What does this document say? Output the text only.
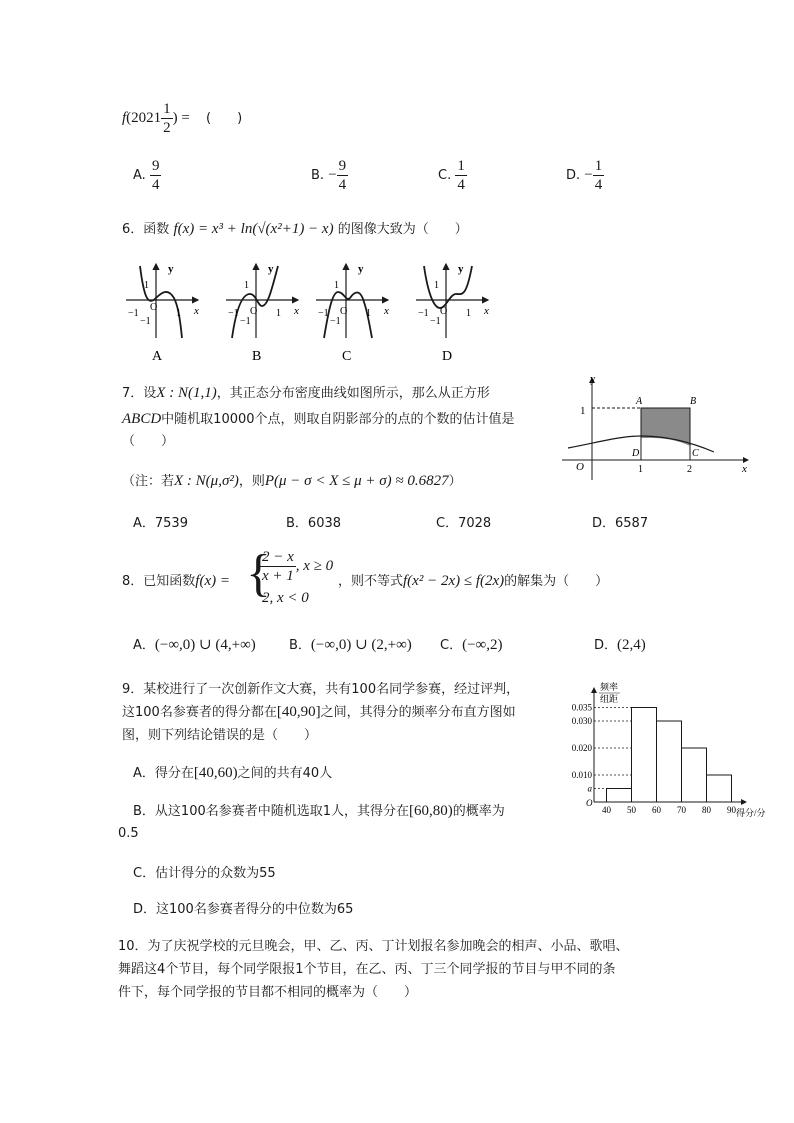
$f(2021 \frac{1}{2}$ ) = (　　)
A. $\frac{9}{4}$	B. − $\frac{9}{4}$	C. $\frac{1}{4}$	D. − $\frac{1}{4}$
6．函数 f(x) = x³ + ln(√(x²+1) − x) 的图像大致为（　　）
y
x
O
−1	1
1
−1
A
y
x
O
−1	1
1
−1
B
y
x
O
−1	1
1
−1
C
y
x
O
−1	1
1
−1
D
7．设X : N(1,1)，其正态分布密度曲线如图所示，那么从正方形
ABCD中随机取10000个点，则取自阴影部分的点的个数的估计值是
（　　）
（注：若X : N(μ,σ²)，则P(μ − σ < X ≤ μ + σ) ≈ 0.6827）
y
x
O
1
A	B
C
D
1	2
A．7539	B．6038	C．7028	D．6587
8．已知函数f(x) = {
$\frac{2 - x}{x + 1}$ , x ≥ 0
2, x < 0
，则不等式f(x² − 2x) ≤ f(2x)的解集为（　　）
A．(−∞,0) ∪ (4,+∞)	B．(−∞,0) ∪ (2,+∞) C．(−∞,2)	D．(2,4)
9．某校进行了一次创新作文大赛，共有100名同学参赛，经过评判，
这100名参赛者的得分都在[40,90]之间，其得分的频率分布直方图如
图，则下列结论错误的是（　　）
A．得分在[40,60)之间的共有40人
B．从这100名参赛者中随机选取1人，其得分在[60,80)的概率为
0.5
C．估计得分的众数为55
D．这100名参赛者得分的中位数为65
0.035
0.030
0.020
0.010
a
40 50 60 70 80 90
频率
组距
O
得分/分
10．为了庆祝学校的元旦晚会，甲、乙、丙、丁计划报名参加晚会的相声、小品、歌唱、
舞蹈这4个节目，每个同学限报1个节目，在乙、丙、丁三个同学报的节目与甲不同的条
件下，每个同学报的节目都不相同的概率为（　　）
